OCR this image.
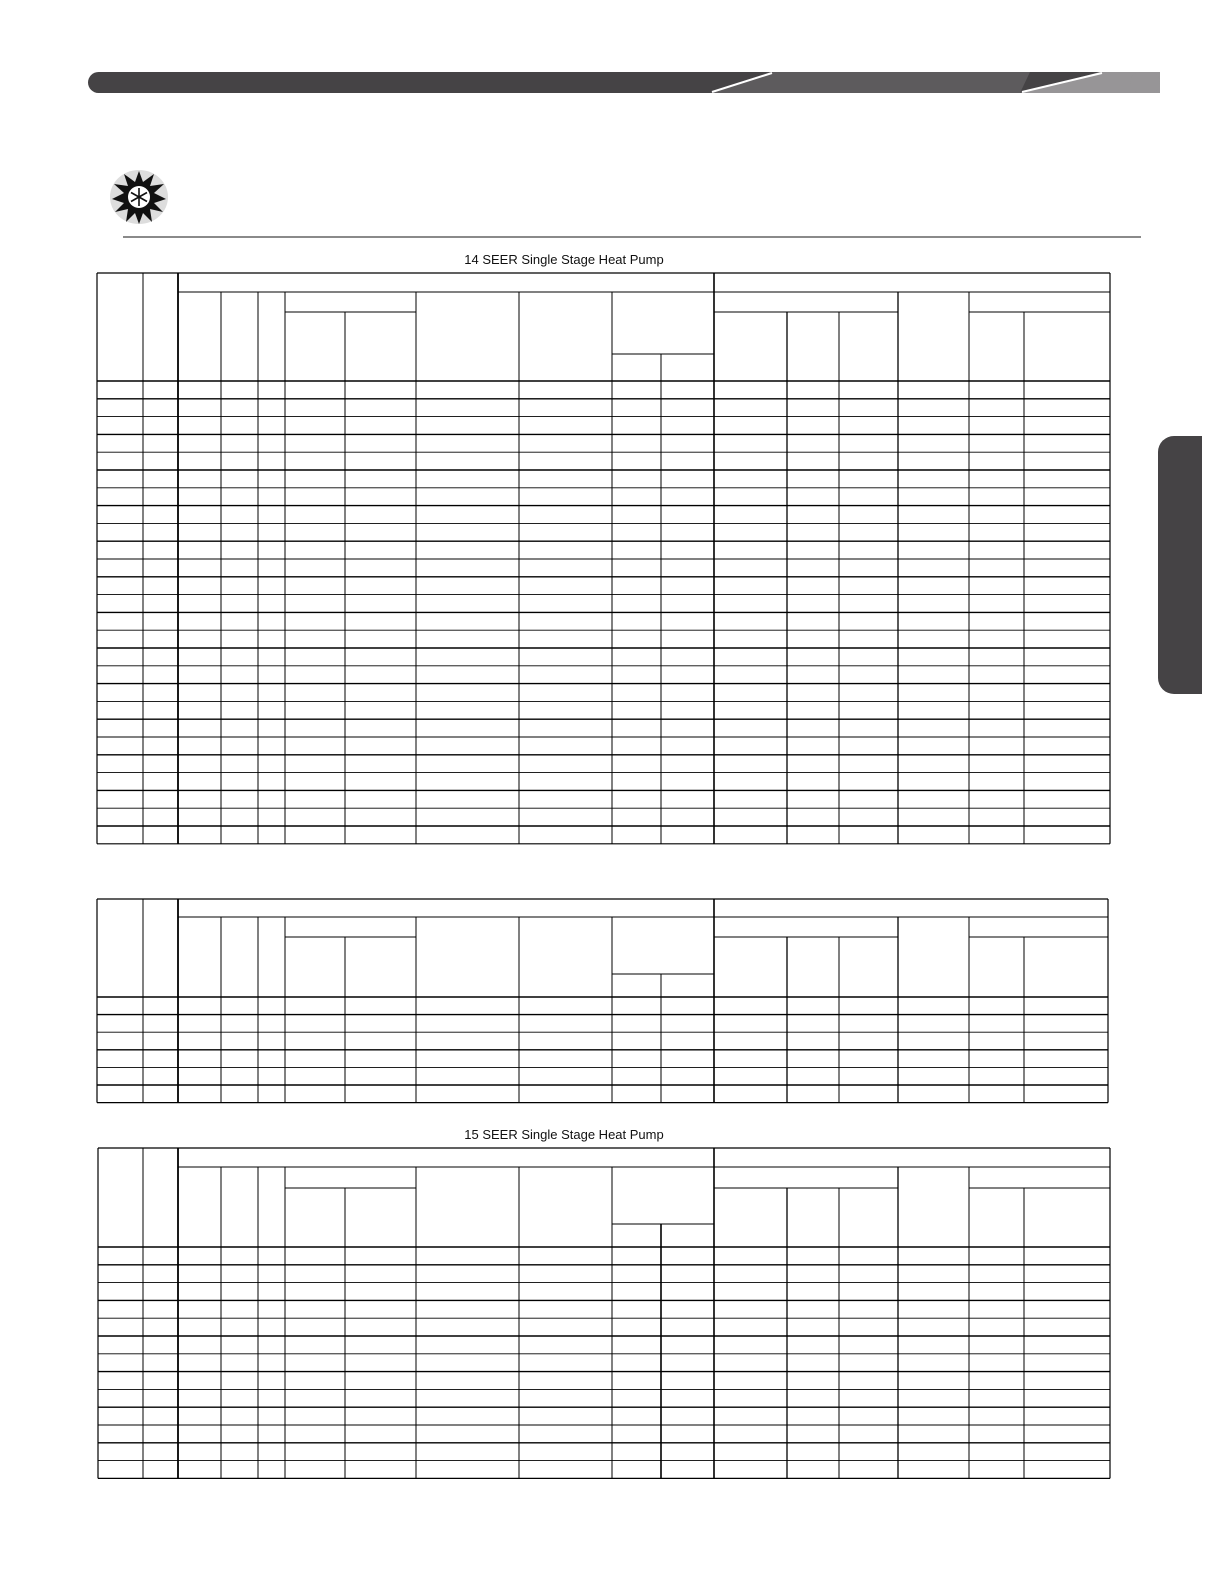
14 SEER Single Stage Heat Pump
15 SEER Single Stage Heat Pump
